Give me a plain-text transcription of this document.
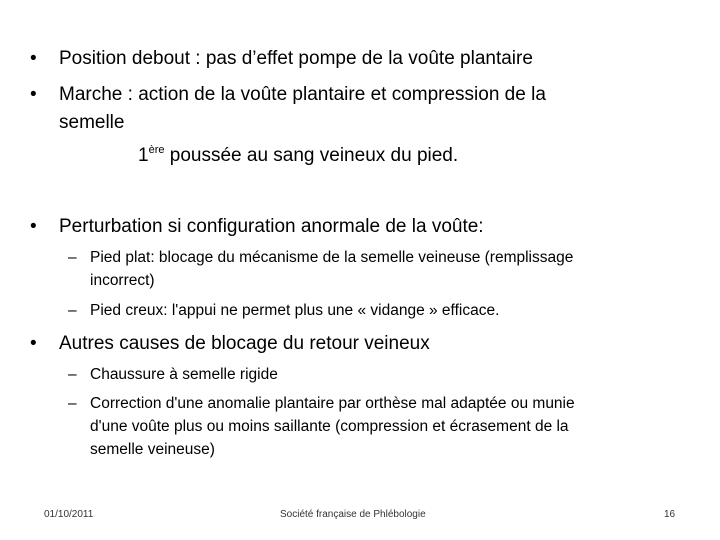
• Position debout : pas d’effet pompe de la voûte plantaire
• Marche : action de la voûte plantaire et compression de la
semelle
1ère poussée au sang veineux du pied.
• Perturbation si configuration anormale de la voûte:
– Pied plat: blocage du mécanisme de la semelle veineuse (remplissage
incorrect)
– Pied creux: l'appui ne permet plus une « vidange » efficace.
• Autres causes de blocage du retour veineux
– Chaussure à semelle rigide
– Correction d'une anomalie plantaire par orthèse mal adaptée ou munie
d'une voûte plus ou moins saillante (compression et écrasement de la
semelle veineuse)
01/10/2011	Société française de Phlébologie	16
